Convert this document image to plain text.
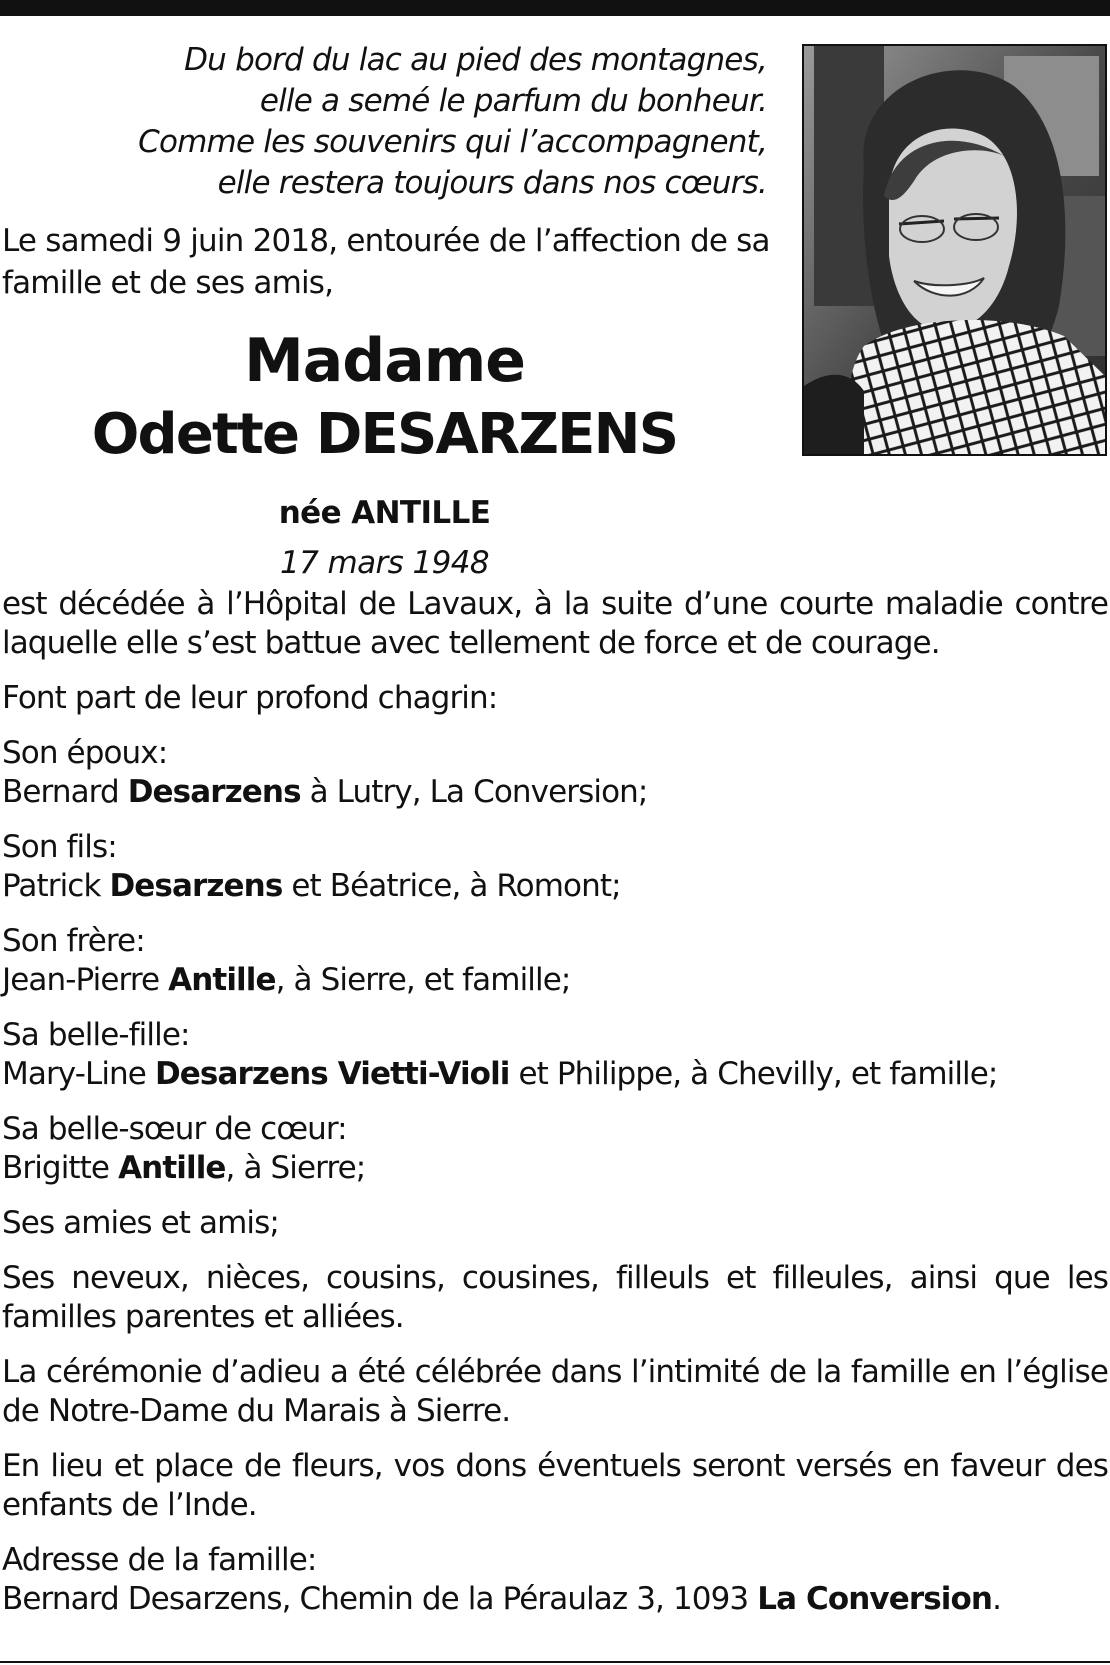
Du bord du lac au pied des montagnes,
elle a semé le parfum du bonheur.
Comme les souvenirs qui l’accompagnent,
elle restera toujours dans nos cœurs.
Le samedi 9 juin 2018, entourée de l’affection de sa
famille et de ses amis,
Madame
Odette DESARZENS
née ANTILLE
17 mars 1948
est décédée à l’Hôpital de Lavaux, à la suite d’une courte maladie contre laquelle elle s’est battue avec tellement de force et de courage.
Font part de leur profond chagrin:
Son époux:
Bernard Desarzens à Lutry, La Conversion;
Son fils:
Patrick Desarzens et Béatrice, à Romont;
Son frère:
Jean-Pierre Antille, à Sierre, et famille;
Sa belle-fille:
Mary-Line Desarzens Vietti-Violi et Philippe, à Chevilly, et famille;
Sa belle-sœur de cœur:
Brigitte Antille, à Sierre;
Ses amies et amis;
Ses neveux, nièces, cousins, cousines, filleuls et filleules, ainsi que les familles parentes et alliées.
La cérémonie d’adieu a été célébrée dans l’intimité de la famille en l’église de Notre-Dame du Marais à Sierre.
En lieu et place de fleurs, vos dons éventuels seront versés en faveur des enfants de l’Inde.
Adresse de la famille:
Bernard Desarzens, Chemin de la Péraulaz 3, 1093 La Conversion.
